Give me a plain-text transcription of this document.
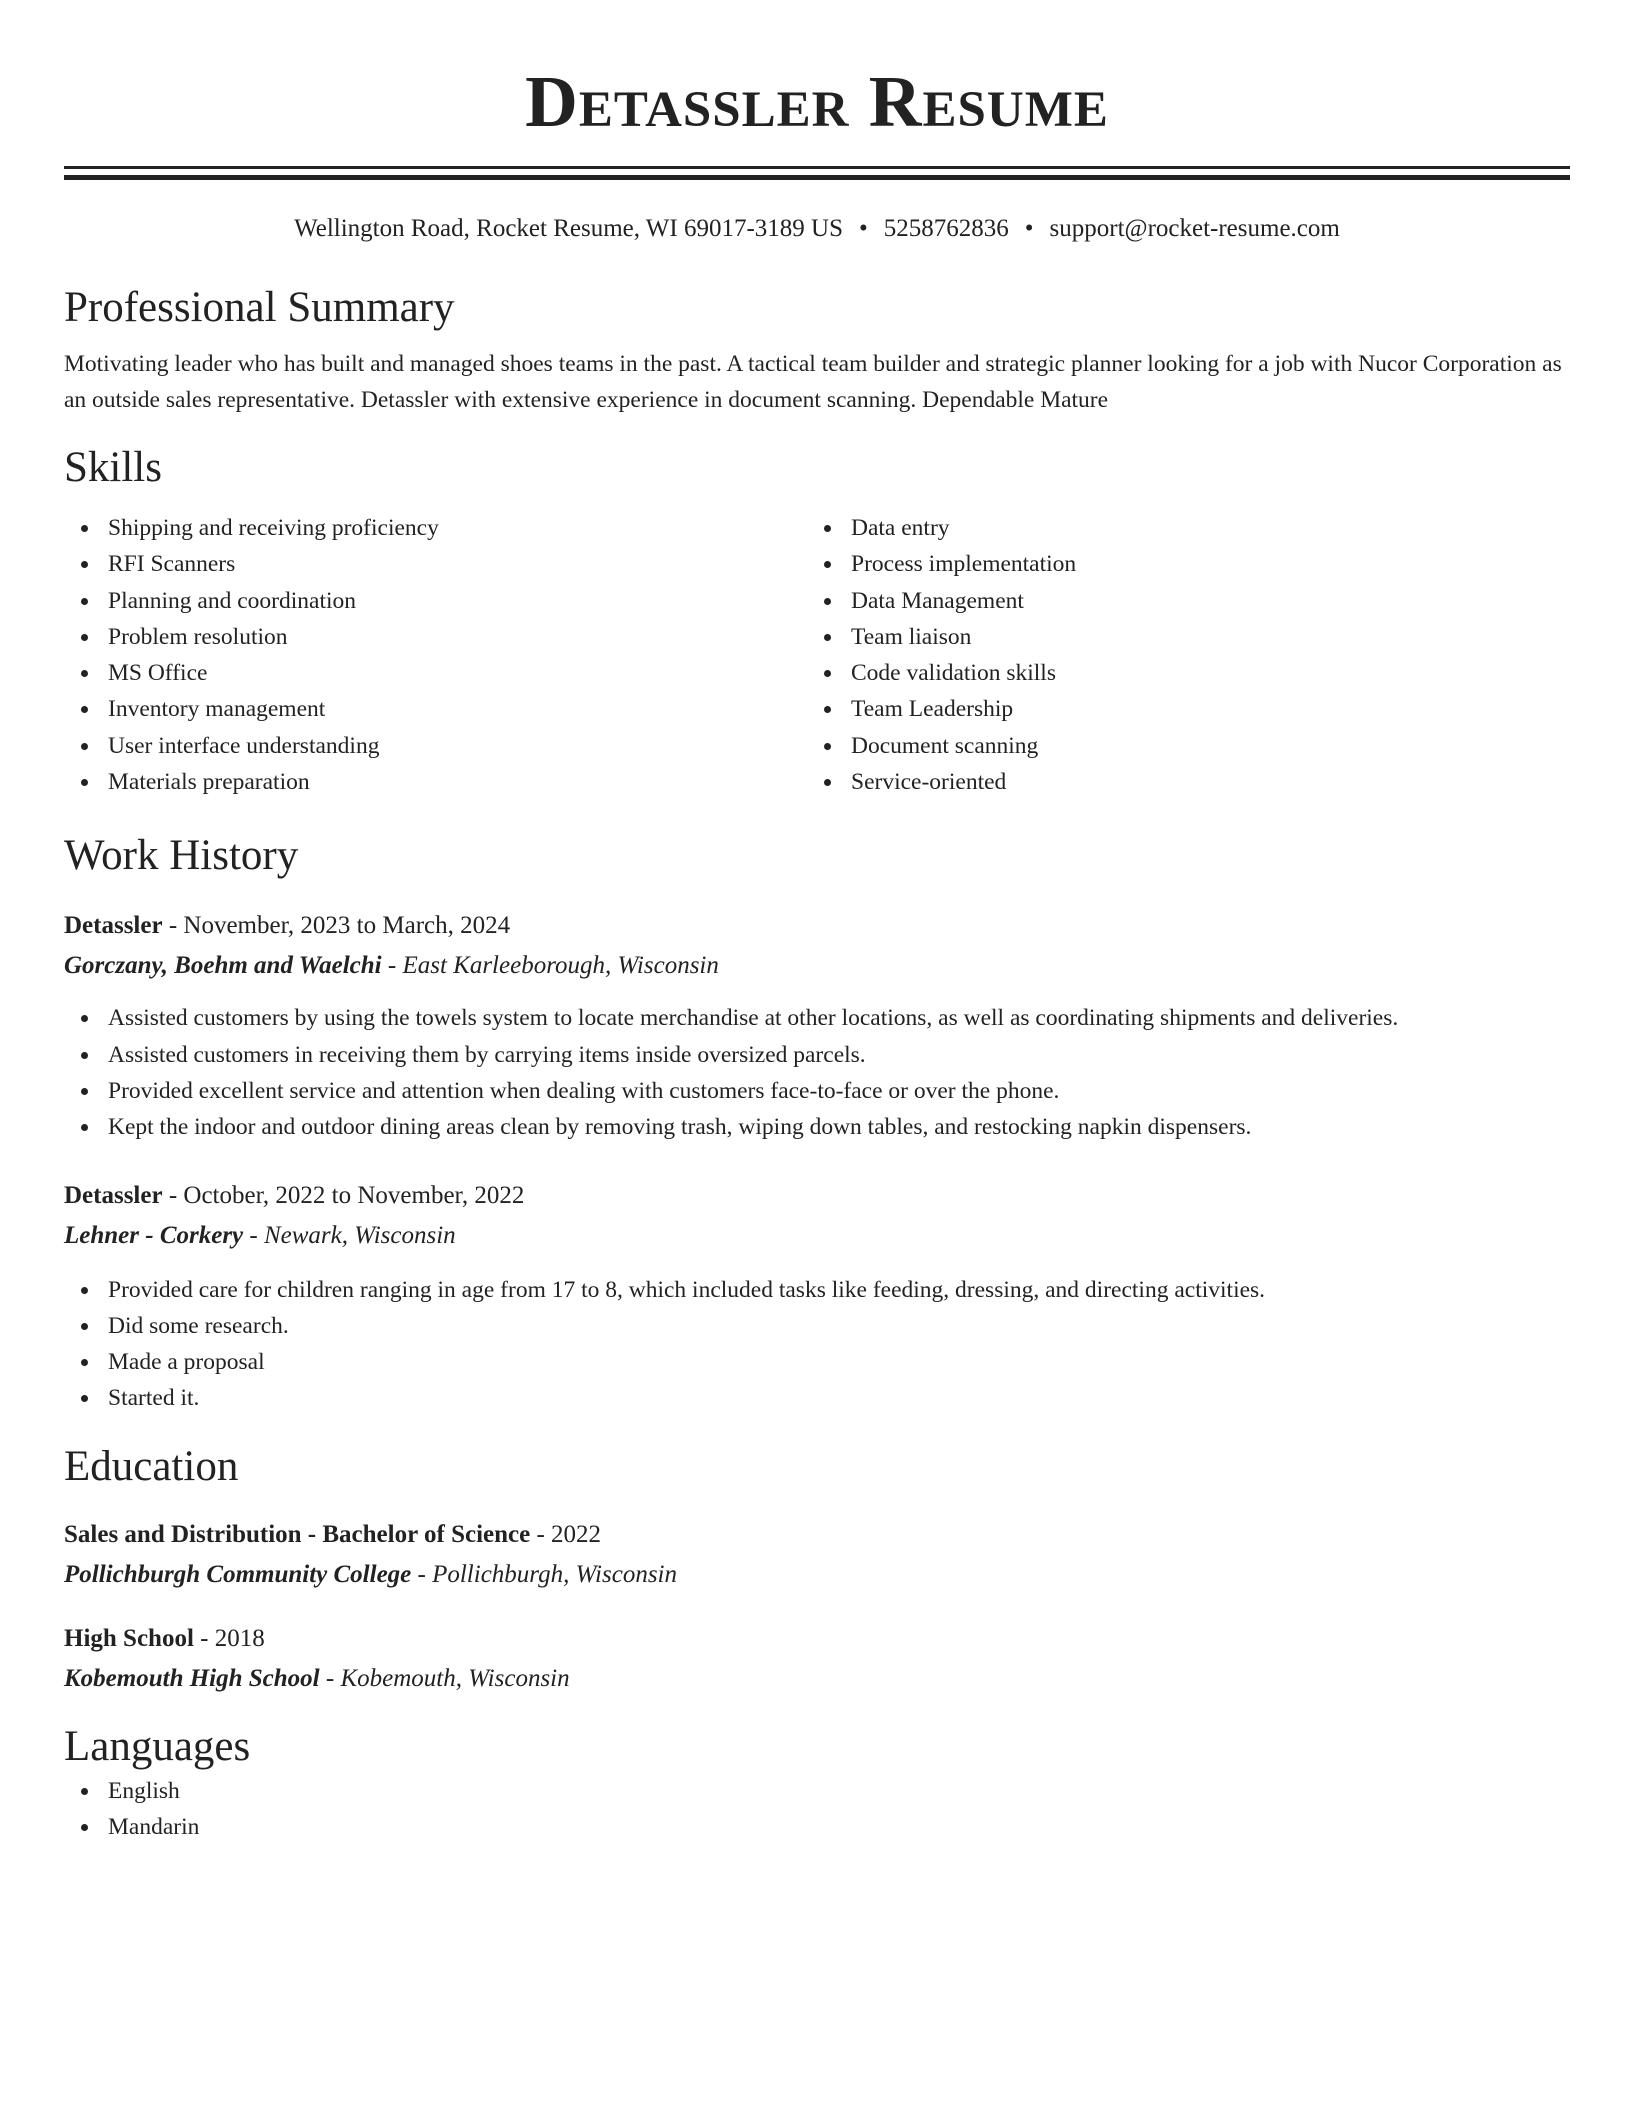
Detassler Resume
Wellington Road, Rocket Resume, WI 69017-3189 US • 5258762836 • support@rocket-resume.com
Professional Summary
Motivating leader who has built and managed shoes teams in the past. A tactical team builder and strategic planner looking for a job with Nucor Corporation as an outside sales representative. Detassler with extensive experience in document scanning. Dependable Mature
Skills
Shipping and receiving proficiency
RFI Scanners
Planning and coordination
Problem resolution
MS Office
Inventory management
User interface understanding
Materials preparation
Data entry
Process implementation
Data Management
Team liaison
Code validation skills
Team Leadership
Document scanning
Service-oriented
Work History
Detassler - November, 2023 to March, 2024
Gorczany, Boehm and Waelchi - East Karleeborough, Wisconsin
Assisted customers by using the towels system to locate merchandise at other locations, as well as coordinating shipments and deliveries.
Assisted customers in receiving them by carrying items inside oversized parcels.
Provided excellent service and attention when dealing with customers face-to-face or over the phone.
Kept the indoor and outdoor dining areas clean by removing trash, wiping down tables, and restocking napkin dispensers.
Detassler - October, 2022 to November, 2022
Lehner - Corkery - Newark, Wisconsin
Provided care for children ranging in age from 17 to 8, which included tasks like feeding, dressing, and directing activities.
Did some research.
Made a proposal
Started it.
Education
Sales and Distribution - Bachelor of Science - 2022
Pollichburgh Community College - Pollichburgh, Wisconsin
High School - 2018
Kobemouth High School - Kobemouth, Wisconsin
Languages
English
Mandarin
